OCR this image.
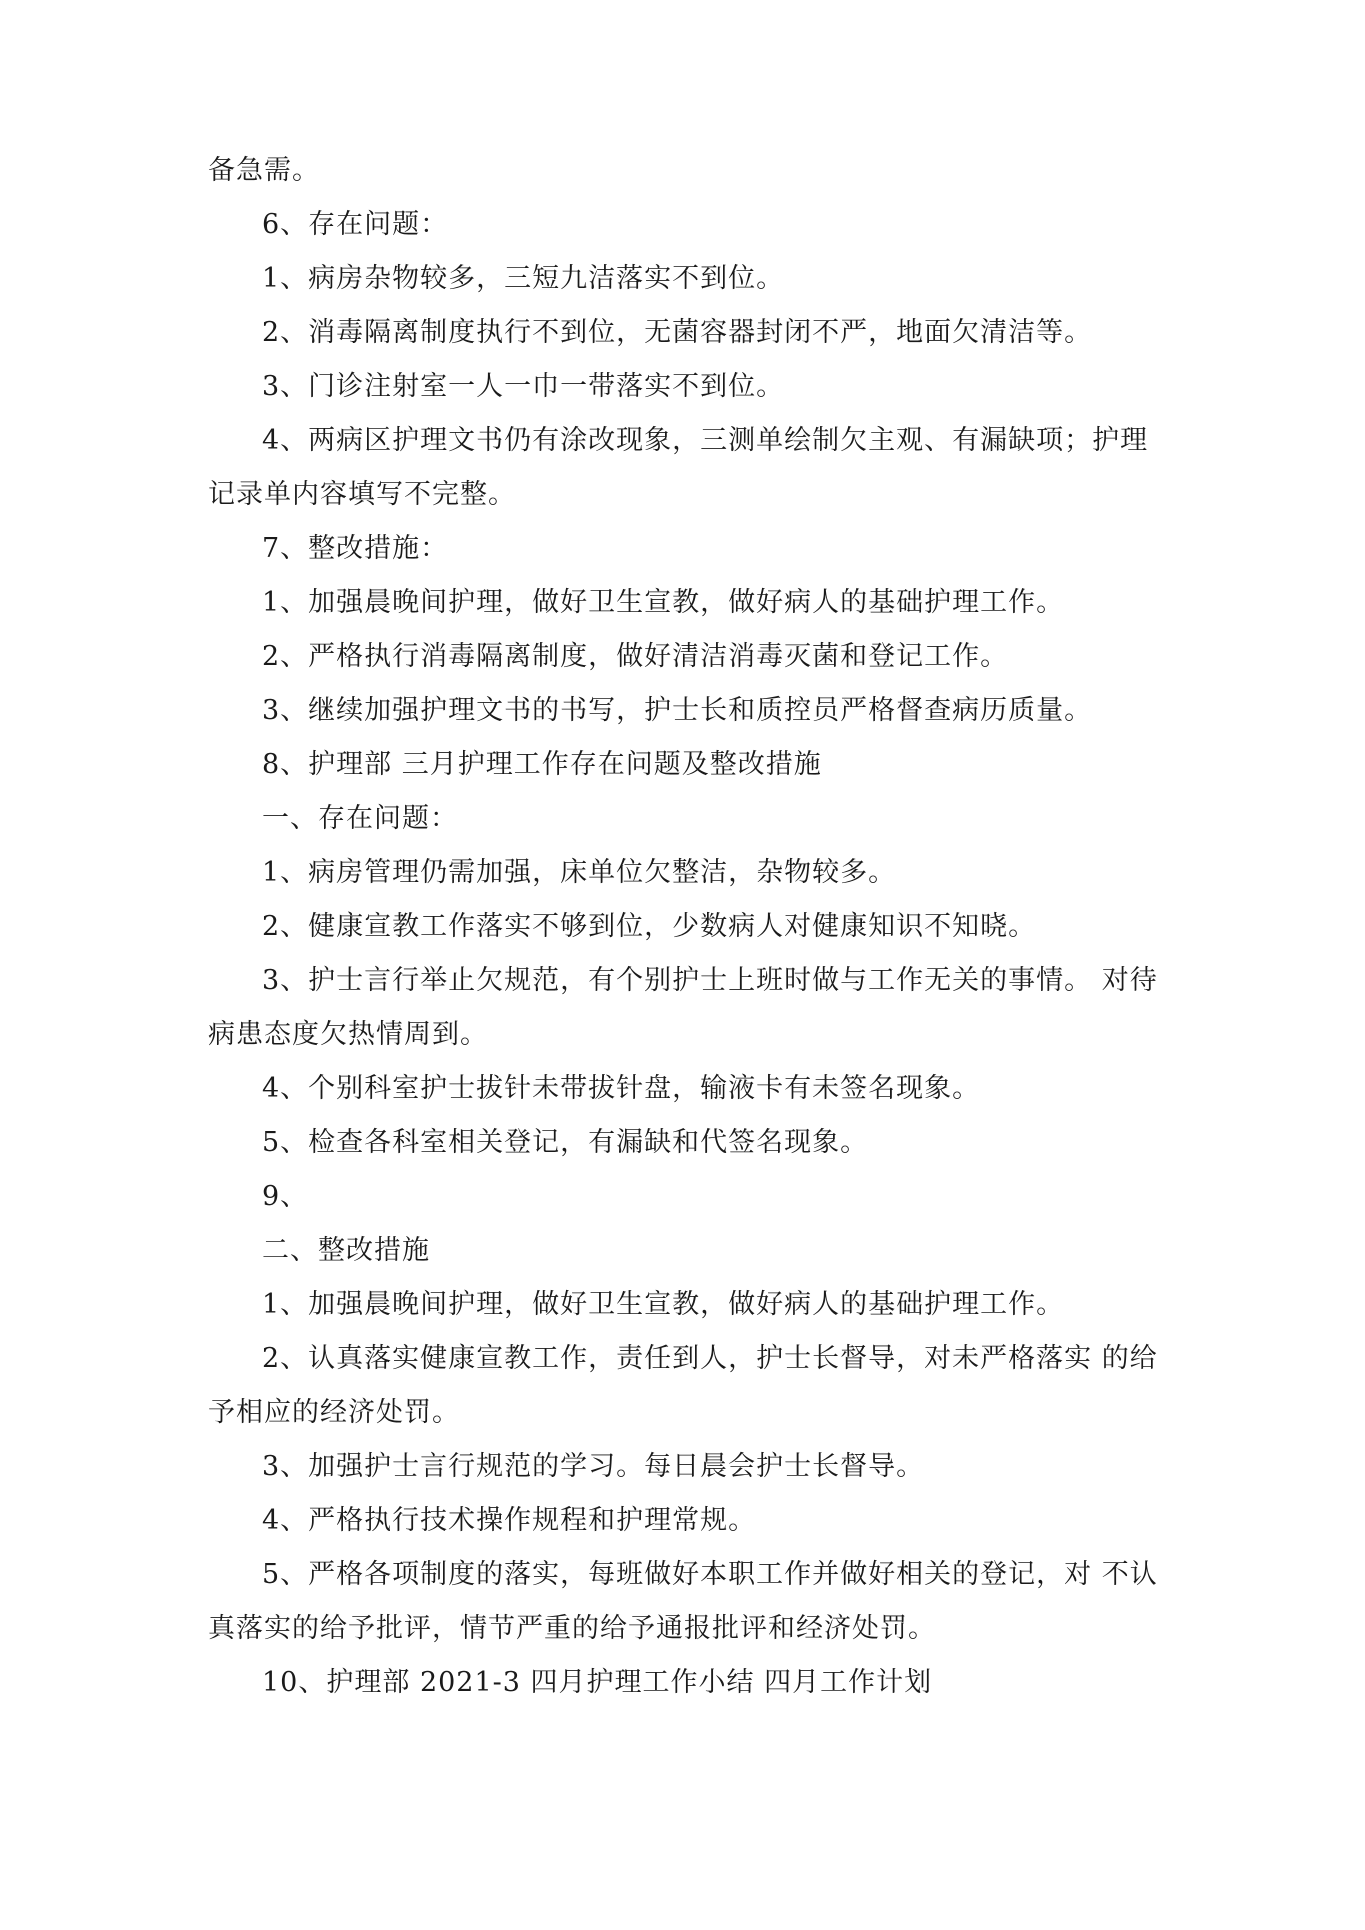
备急需。

6、存在问题：

1、病房杂物较多，三短九洁落实不到位。

2、消毒隔离制度执行不到位，无菌容器封闭不严，地面欠清洁等。

3、门诊注射室一人一巾一带落实不到位。

4、两病区护理文书仍有涂改现象，三测单绘制欠主观、有漏缺项；护理记录单内容填写不完整。

7、整改措施：

1、加强晨晚间护理，做好卫生宣教，做好病人的基础护理工作。

2、严格执行消毒隔离制度，做好清洁消毒灭菌和登记工作。

3、继续加强护理文书的书写，护士长和质控员严格督查病历质量。

8、护理部 三月护理工作存在问题及整改措施

一、存在问题：

1、病房管理仍需加强，床单位欠整洁，杂物较多。

2、健康宣教工作落实不够到位，少数病人对健康知识不知晓。

3、护士言行举止欠规范，有个别护士上班时做与工作无关的事情。 对待病患态度欠热情周到。

4、个别科室护士拔针未带拔针盘，输液卡有未签名现象。

5、检查各科室相关登记，有漏缺和代签名现象。

9、

二、整改措施

1、加强晨晚间护理，做好卫生宣教，做好病人的基础护理工作。

2、认真落实健康宣教工作，责任到人，护士长督导，对未严格落实 的给予相应的经济处罚。

3、加强护士言行规范的学习。每日晨会护士长督导。

4、严格执行技术操作规程和护理常规。

5、严格各项制度的落实，每班做好本职工作并做好相关的登记，对 不认真落实的给予批评，情节严重的给予通报批评和经济处罚。

10、护理部 2021-3 四月护理工作小结 四月工作计划
